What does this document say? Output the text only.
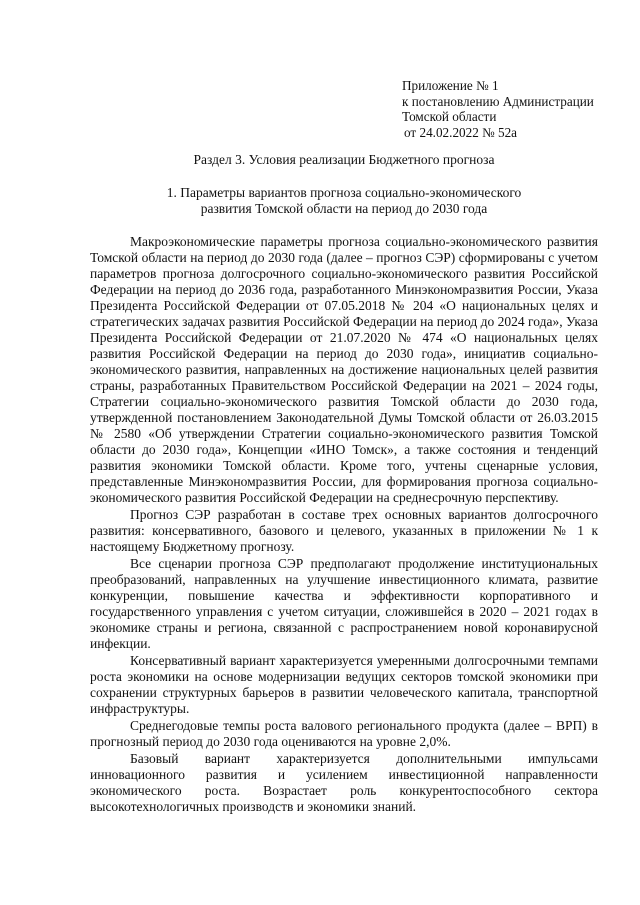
Приложение № 1
к постановлению Администрации
Томской области
от 24.02.2022 № 52а
Раздел 3. Условия реализации Бюджетного прогноза
1. Параметры вариантов прогноза социально-экономического развития Томской области на период до 2030 года

Макроэкономические параметры прогноза социально-экономического развития Томской области на период до 2030 года (далее – прогноз СЭР) сформированы с учетом параметров прогноза долгосрочного социально-экономического развития Российской Федерации на период до 2036 года, разработанного Минэкономразвития России, Указа Президента Российской Федерации от 07.05.2018 № 204 «О национальных целях и стратегических задачах развития Российской Федерации на период до 2024 года», Указа Президента Российской Федерации от 21.07.2020 № 474 «О национальных целях развития Российской Федерации на период до 2030 года», инициатив социально-экономического развития, направленных на достижение национальных целей развития страны, разработанных Правительством Российской Федерации на 2021 – 2024 годы, Стратегии социально-экономического развития Томской области до 2030 года, утвержденной постановлением Законодательной Думы Томской области от 26.03.2015 № 2580 «Об утверждении Стратегии социально-экономического развития Томской области до 2030 года», Концепции «ИНО Томск», а также состояния и тенденций развития экономики Томской области. Кроме того, учтены сценарные условия, представленные Минэкономразвития России, для формирования прогноза социально-экономического развития Российской Федерации на среднесрочную перспективу.

Прогноз СЭР разработан в составе трех основных вариантов долгосрочного развития: консервативного, базового и целевого, указанных в приложении № 1 к настоящему Бюджетному прогнозу.

Все сценарии прогноза СЭР предполагают продолжение институциональных преобразований, направленных на улучшение инвестиционного климата, развитие конкуренции, повышение качества и эффективности корпоративного и государственного управления с учетом ситуации, сложившейся в 2020 – 2021 годах в экономике страны и региона, связанной с распространением новой коронавирусной инфекции.

Консервативный вариант характеризуется умеренными долгосрочными темпами роста экономики на основе модернизации ведущих секторов томской экономики при сохранении структурных барьеров в развитии человеческого капитала, транспортной инфраструктуры.

Среднегодовые темпы роста валового регионального продукта (далее – ВРП) в прогнозный период до 2030 года оцениваются на уровне 2,0%.

Базовый вариант характеризуется дополнительными импульсами инновационного развития и усилением инвестиционной направленности экономического роста. Возрастает роль конкурентоспособного сектора высокотехнологичных производств и экономики знаний.
